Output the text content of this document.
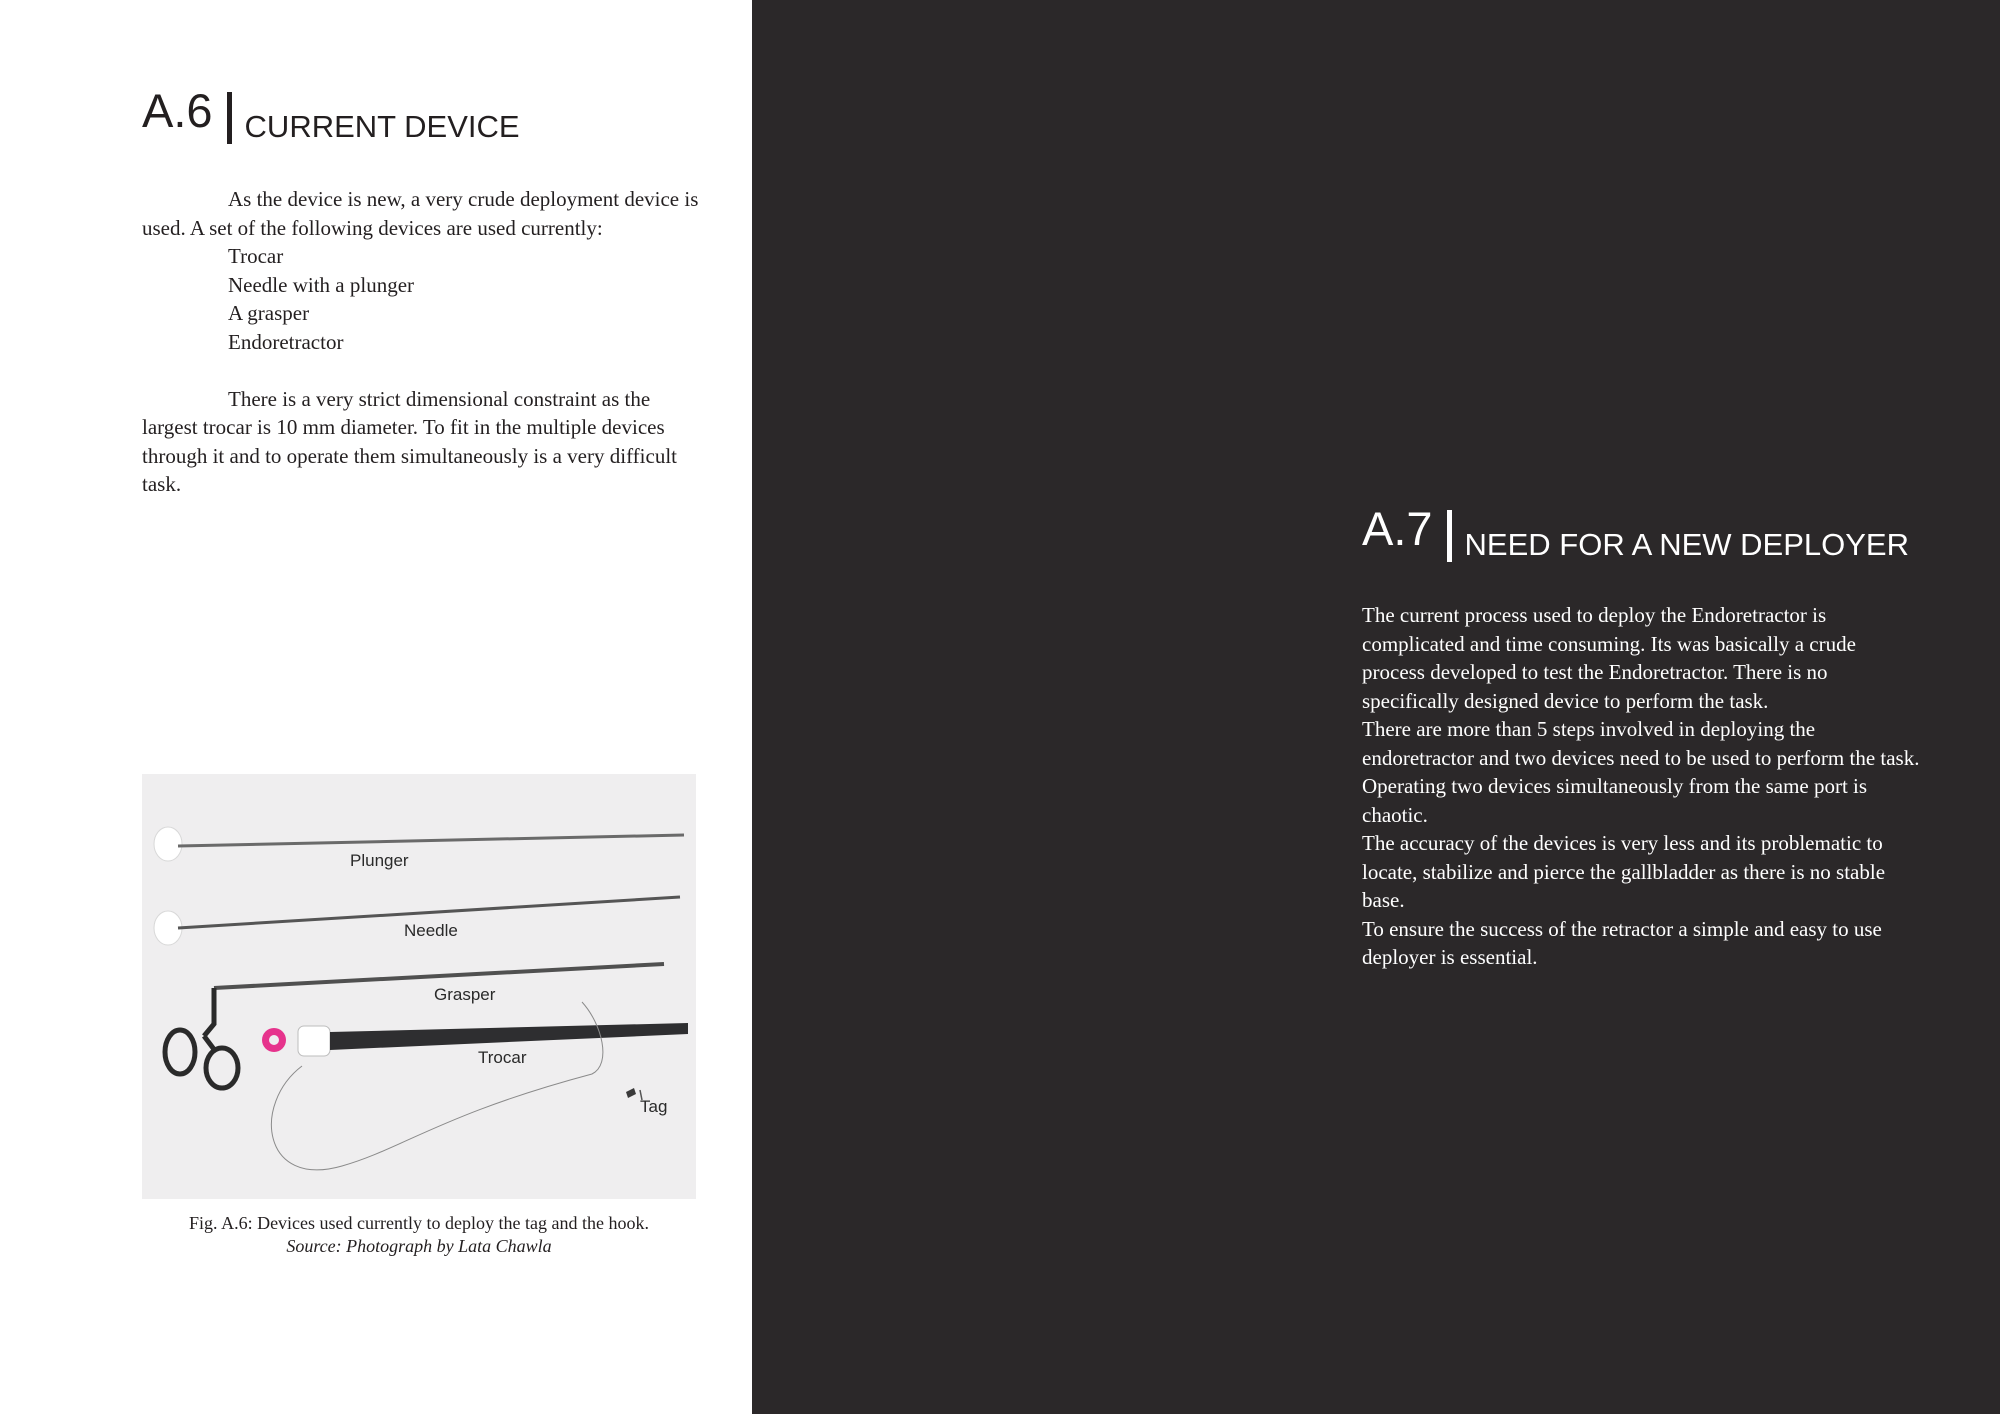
A.6 CURRENT DEVICE

As the device is new, a very crude deployment device is used. A set of the following devices are used currently:

Trocar
Needle with a plunger
A grasper
Endoretractor

There is a very strict dimensional constraint as the largest trocar is 10 mm diameter. To fit in the multiple devices through it and to operate them simultaneously is a very difficult task.

Plunger
Needle
Grasper
Trocar
Tag
Fig. A.6: Devices used currently to deploy the tag and the hook.
Source: Photograph by Lata Chawla
A.7 NEED FOR A NEW DEPLOYER

The current process used to deploy the Endoretractor is complicated and time consuming. Its was basically a crude process developed to test the Endoretractor. There is no specifically designed device to perform the task.

There are more than 5 steps involved in deploying the endoretractor and two devices need to be used to perform the task. Operating two devices simultaneously from the same port is chaotic.

The accuracy of the devices is very less and its problematic to locate, stabilize and pierce the gallbladder as there is no stable base.

To ensure the success of the retractor a simple and easy to use deployer is essential.
